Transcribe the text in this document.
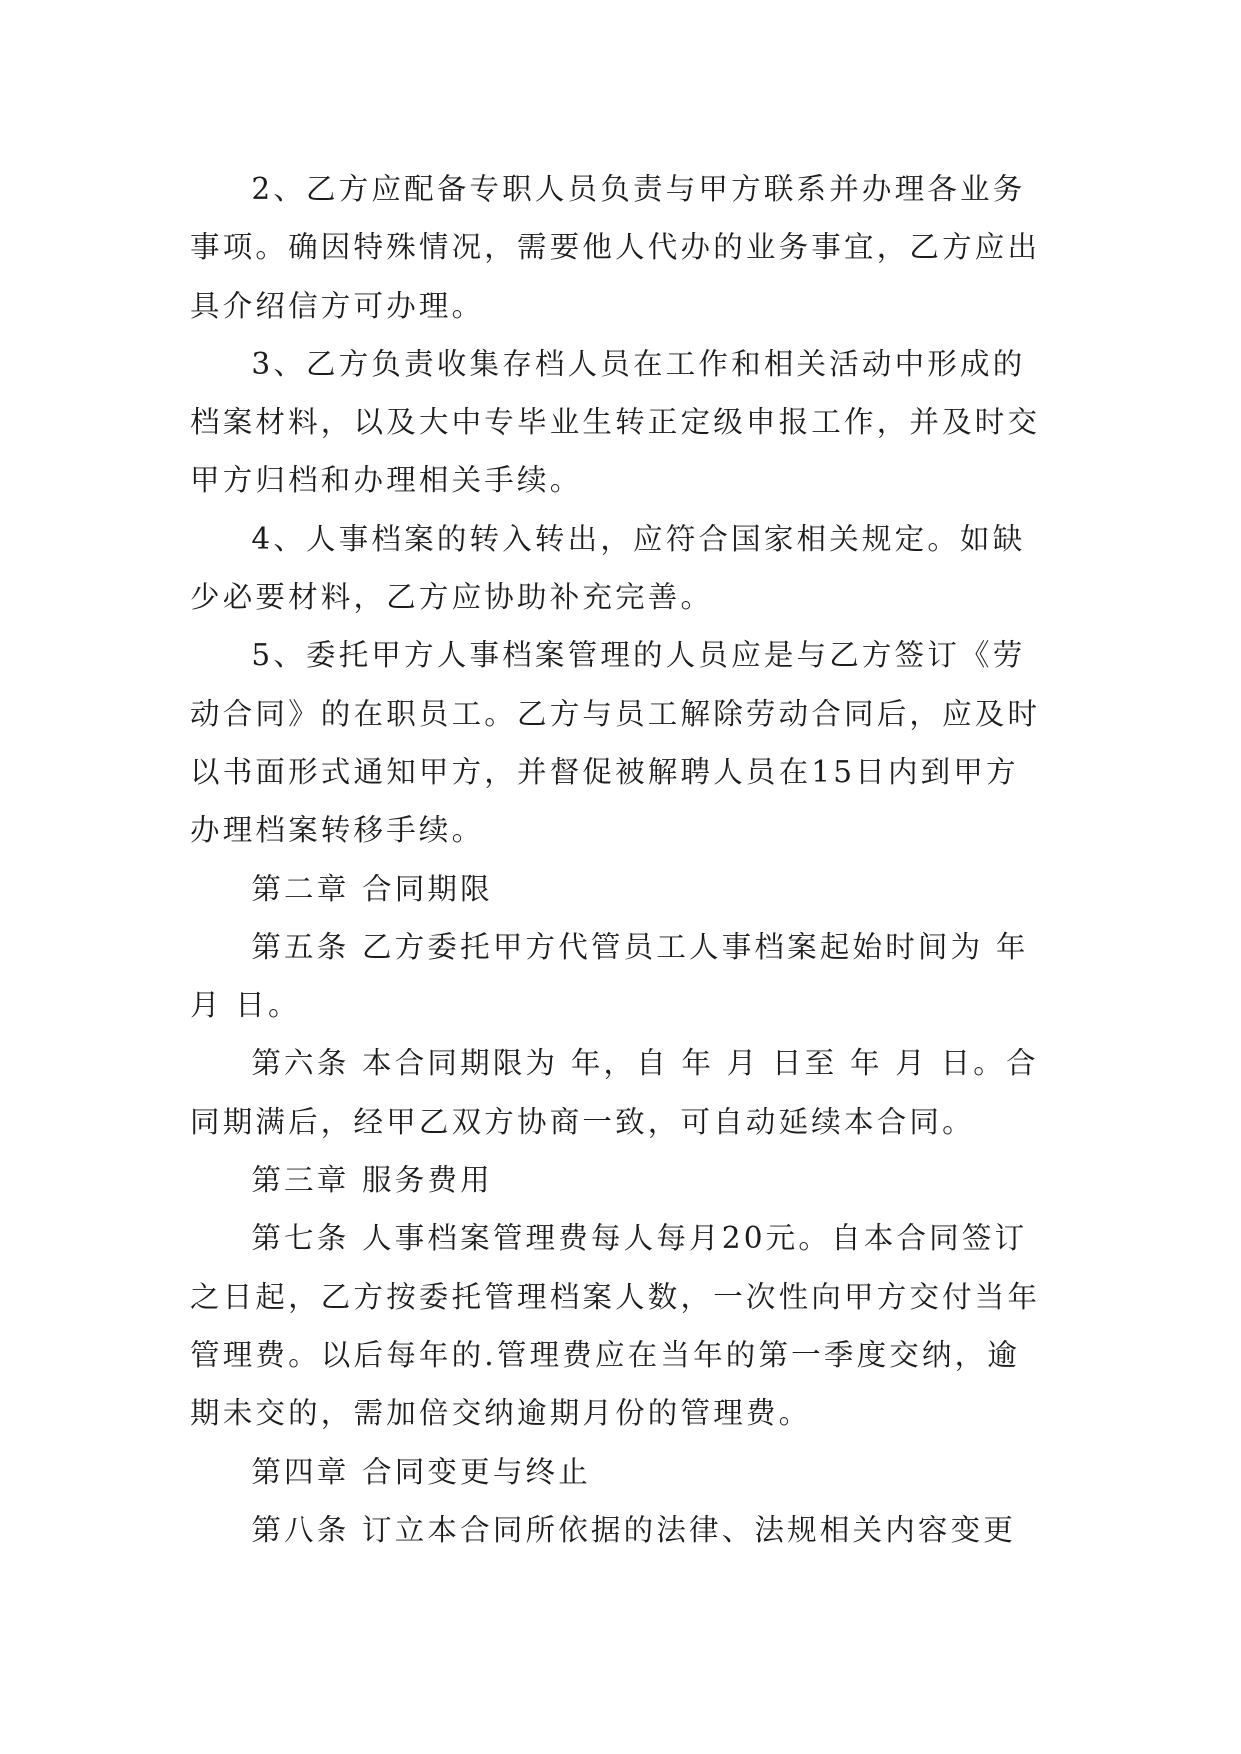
2、乙方应配备专职人员负责与甲方联系并办理各业务事项。确因特殊情况，需要他人代办的业务事宜，乙方应出具介绍信方可办理。

3、乙方负责收集存档人员在工作和相关活动中形成的档案材料，以及大中专毕业生转正定级申报工作，并及时交甲方归档和办理相关手续。

4、人事档案的转入转出，应符合国家相关规定。如缺少必要材料，乙方应协助补充完善。

5、委托甲方人事档案管理的人员应是与乙方签订《劳动合同》的在职员工。乙方与员工解除劳动合同后，应及时以书面形式通知甲方，并督促被解聘人员在15日内到甲方办理档案转移手续。

第二章 合同期限

第五条 乙方委托甲方代管员工人事档案起始时间为 年 月 日。

第六条 本合同期限为 年，自 年 月 日至 年 月 日。合同期满后，经甲乙双方协商一致，可自动延续本合同。

第三章 服务费用

第七条 人事档案管理费每人每月20元。自本合同签订之日起，乙方按委托管理档案人数，一次性向甲方交付当年管理费。以后每年的.管理费应在当年的第一季度交纳，逾期未交的，需加倍交纳逾期月份的管理费。

第四章 合同变更与终止

第八条 订立本合同所依据的法律、法规相关内容变更
